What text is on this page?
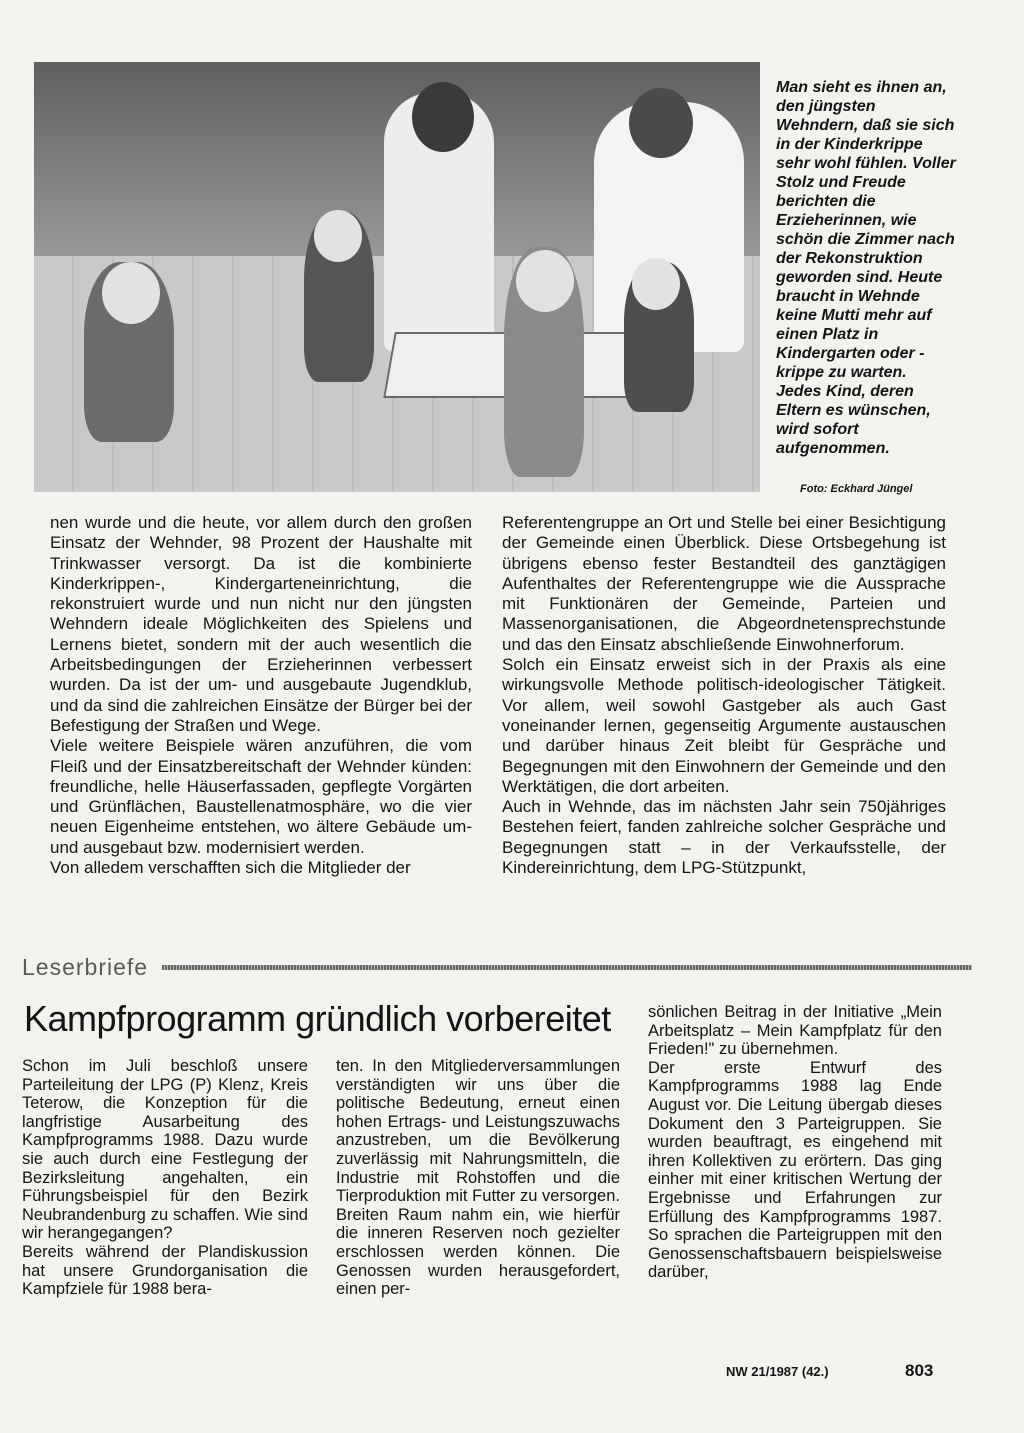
Man sieht es ihnen an, den jüngsten Wehndern, daß sie sich in der Kinderkrippe sehr wohl fühlen. Voller Stolz und Freude berichten die Erzieherinnen, wie schön die Zimmer nach der Rekonstruktion geworden sind. Heute braucht in Wehnde keine Mutti mehr auf einen Platz in Kindergarten oder -krippe zu warten. Jedes Kind, deren Eltern es wünschen, wird sofort aufgenommen.

Foto: Eckhard Jüngel

nen wurde und die heute, vor allem durch den großen Einsatz der Wehnder, 98 Prozent der Haushalte mit Trinkwasser versorgt. Da ist die kombinierte Kinderkrippen-, Kindergarteneinrichtung, die rekonstruiert wurde und nun nicht nur den jüngsten Wehndern ideale Möglichkeiten des Spielens und Lernens bietet, sondern mit der auch wesentlich die Arbeitsbedingungen der Erzieherinnen verbessert wurden. Da ist der um- und ausgebaute Jugendklub, und da sind die zahlreichen Einsätze der Bürger bei der Befestigung der Straßen und Wege.

Viele weitere Beispiele wären anzuführen, die vom Fleiß und der Einsatzbereitschaft der Wehnder künden: freundliche, helle Häuserfassaden, gepflegte Vorgärten und Grünflächen, Baustellenatmosphäre, wo die vier neuen Eigenheime entstehen, wo ältere Gebäude um- und ausgebaut bzw. modernisiert werden.

Von alledem verschafften sich die Mitglieder der

Referentengruppe an Ort und Stelle bei einer Besichtigung der Gemeinde einen Überblick. Diese Ortsbegehung ist übrigens ebenso fester Bestandteil des ganztägigen Aufenthaltes der Referentengruppe wie die Aussprache mit Funktionären der Gemeinde, Parteien und Massenorganisationen, die Abgeordnetensprechstunde und das den Einsatz abschließende Einwohnerforum.

Solch ein Einsatz erweist sich in der Praxis als eine wirkungsvolle Methode politisch-ideologischer Tätigkeit. Vor allem, weil sowohl Gastgeber als auch Gast voneinander lernen, gegenseitig Argumente austauschen und darüber hinaus Zeit bleibt für Gespräche und Begegnungen mit den Einwohnern der Gemeinde und den Werktätigen, die dort arbeiten.

Auch in Wehnde, das im nächsten Jahr sein 750jähriges Bestehen feiert, fanden zahlreiche solcher Gespräche und Begegnungen statt – in der Verkaufsstelle, der Kindereinrichtung, dem LPG-Stützpunkt,

Leserbriefe
Kampfprogramm gründlich vorbereitet

Schon im Juli beschloß unsere Parteileitung der LPG (P) Klenz, Kreis Teterow, die Konzeption für die langfristige Ausarbeitung des Kampfprogramms 1988. Dazu wurde sie auch durch eine Festlegung der Bezirksleitung angehalten, ein Führungsbeispiel für den Bezirk Neubrandenburg zu schaffen. Wie sind wir herangegangen?

Bereits während der Plandiskussion hat unsere Grundorganisation die Kampfziele für 1988 bera-

ten. In den Mitgliederversammlungen verständigten wir uns über die politische Bedeutung, erneut einen hohen Ertrags- und Leistungszuwachs anzustreben, um die Bevölkerung zuverlässig mit Nahrungsmitteln, die Industrie mit Rohstoffen und die Tierproduktion mit Futter zu versorgen. Breiten Raum nahm ein, wie hierfür die inneren Reserven noch gezielter erschlossen werden können. Die Genossen wurden herausgefordert, einen per-

sönlichen Beitrag in der Initiative „Mein Arbeitsplatz – Mein Kampfplatz für den Frieden!" zu übernehmen.

Der erste Entwurf des Kampfprogramms 1988 lag Ende August vor. Die Leitung übergab dieses Dokument den 3 Parteigruppen. Sie wurden beauftragt, es eingehend mit ihren Kollektiven zu erörtern. Das ging einher mit einer kritischen Wertung der Ergebnisse und Erfahrungen zur Erfüllung des Kampfprogramms 1987. So sprachen die Parteigruppen mit den Genossenschaftsbauern beispielsweise darüber,

NW 21/1987 (42.)	803
